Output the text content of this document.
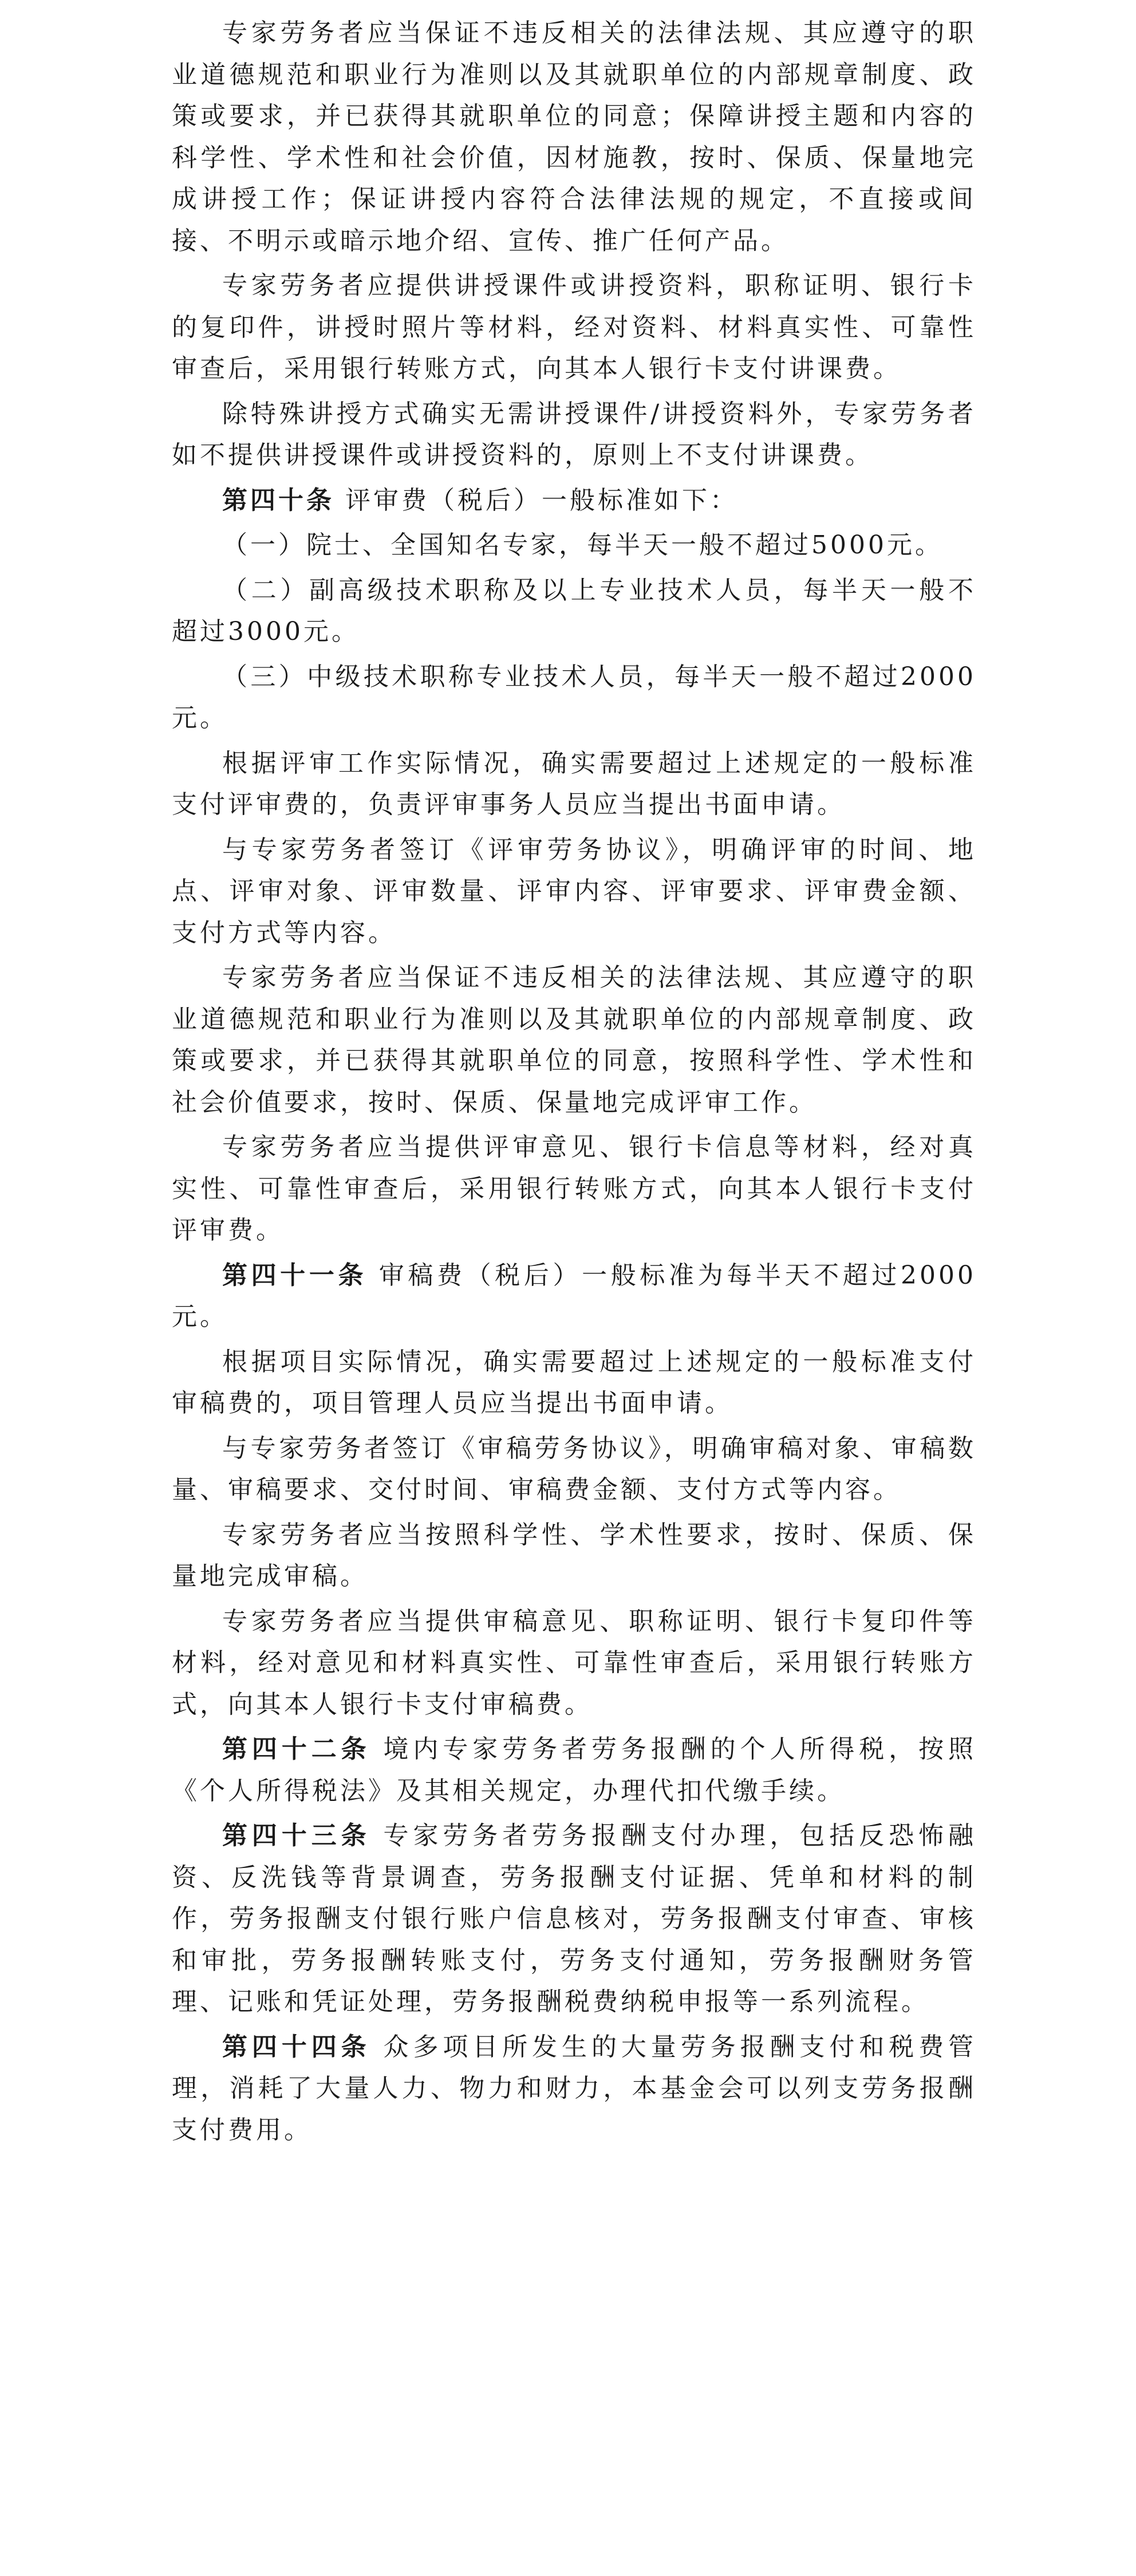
专家劳务者应当保证不违反相关的法律法规、其应遵守的职业道德规范和职业行为准则以及其就职单位的内部规章制度、政策或要求，并已获得其就职单位的同意；保障讲授主题和内容的科学性、学术性和社会价值，因材施教，按时、保质、保量地完成讲授工作；保证讲授内容符合法律法规的规定，不直接或间接、不明示或暗示地介绍、宣传、推广任何产品。

专家劳务者应提供讲授课件或讲授资料，职称证明、银行卡的复印件，讲授时照片等材料，经对资料、材料真实性、可靠性审查后，采用银行转账方式，向其本人银行卡支付讲课费。

除特殊讲授方式确实无需讲授课件/讲授资料外，专家劳务者如不提供讲授课件或讲授资料的，原则上不支付讲课费。

第四十条 评审费（税后）一般标准如下：

（一）院士、全国知名专家，每半天一般不超过5000元。

（二）副高级技术职称及以上专业技术人员，每半天一般不超过3000元。

（三）中级技术职称专业技术人员，每半天一般不超过2000元。

根据评审工作实际情况，确实需要超过上述规定的一般标准支付评审费的，负责评审事务人员应当提出书面申请。

与专家劳务者签订《评审劳务协议》，明确评审的时间、地点、评审对象、评审数量、评审内容、评审要求、评审费金额、支付方式等内容。

专家劳务者应当保证不违反相关的法律法规、其应遵守的职业道德规范和职业行为准则以及其就职单位的内部规章制度、政策或要求，并已获得其就职单位的同意，按照科学性、学术性和社会价值要求，按时、保质、保量地完成评审工作。

专家劳务者应当提供评审意见、银行卡信息等材料，经对真实性、可靠性审查后，采用银行转账方式，向其本人银行卡支付评审费。

第四十一条 审稿费（税后）一般标准为每半天不超过2000元。

根据项目实际情况，确实需要超过上述规定的一般标准支付审稿费的，项目管理人员应当提出书面申请。

与专家劳务者签订《审稿劳务协议》，明确审稿对象、审稿数量、审稿要求、交付时间、审稿费金额、支付方式等内容。

专家劳务者应当按照科学性、学术性要求，按时、保质、保量地完成审稿。

专家劳务者应当提供审稿意见、职称证明、银行卡复印件等材料，经对意见和材料真实性、可靠性审查后，采用银行转账方式，向其本人银行卡支付审稿费。

第四十二条 境内专家劳务者劳务报酬的个人所得税，按照《个人所得税法》及其相关规定，办理代扣代缴手续。

第四十三条 专家劳务者劳务报酬支付办理，包括反恐怖融资、反洗钱等背景调查，劳务报酬支付证据、凭单和材料的制作，劳务报酬支付银行账户信息核对，劳务报酬支付审查、审核和审批，劳务报酬转账支付，劳务支付通知，劳务报酬财务管理、记账和凭证处理，劳务报酬税费纳税申报等一系列流程。

第四十四条 众多项目所发生的大量劳务报酬支付和税费管理，消耗了大量人力、物力和财力，本基金会可以列支劳务报酬支付费用。
